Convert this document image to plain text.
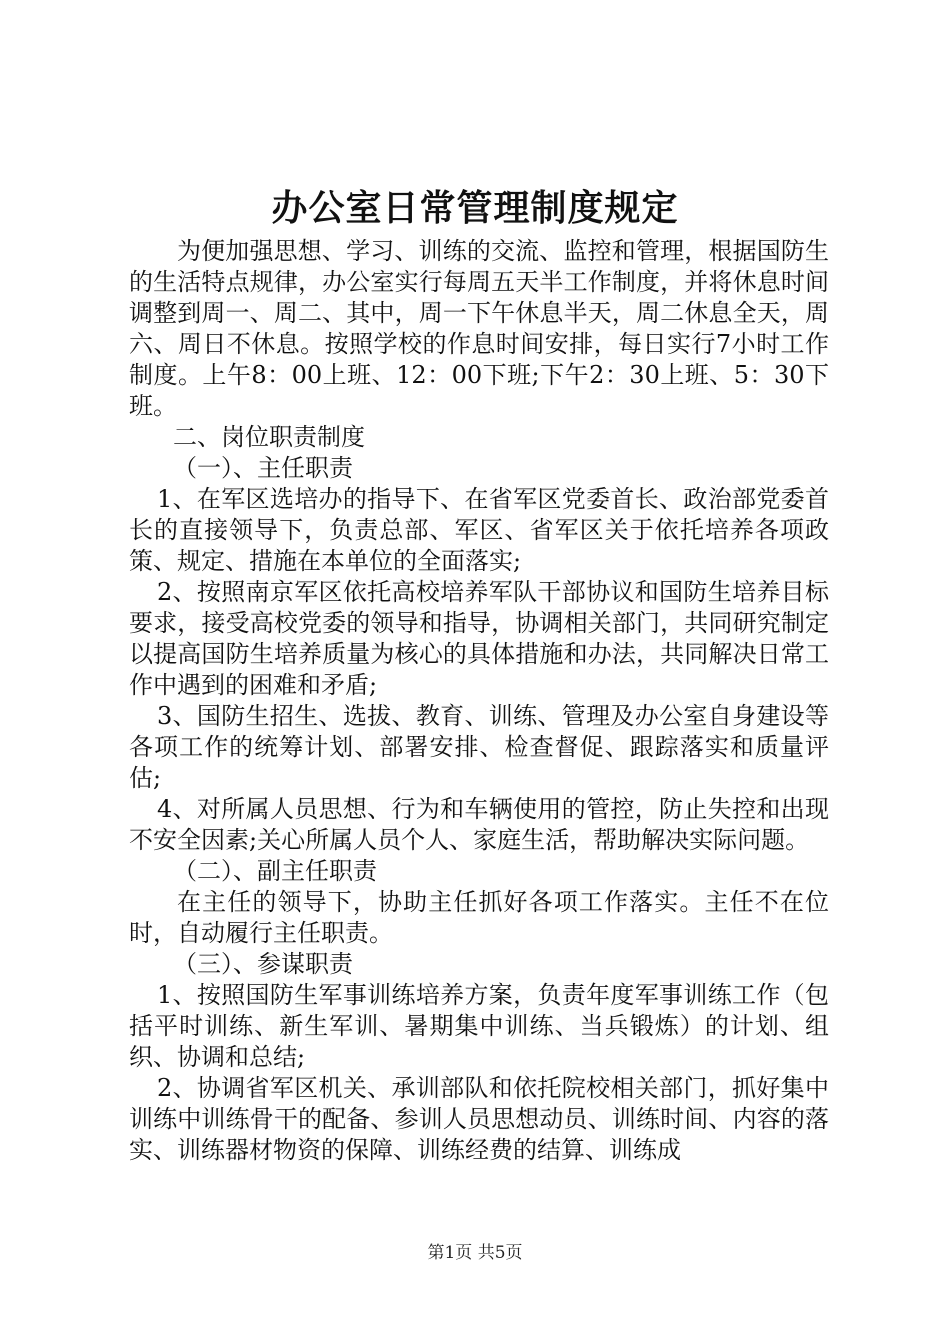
办公室日常管理制度规定

为便加强思想、学习、训练的交流、监控和管理，根据国防生的生活特点规律，办公室实行每周五天半工作制度，并将休息时间调整到周一、周二、其中，周一下午休息半天，周二休息全天，周六、周日不休息。按照学校的作息时间安排，每日实行7小时工作制度。上午8：00上班、12：00下班;下午2：30上班、5：30下班。

二、岗位职责制度

（一）、主任职责

1、在军区选培办的指导下、在省军区党委首长、政治部党委首长的直接领导下，负责总部、军区、省军区关于依托培养各项政策、规定、措施在本单位的全面落实;

2、按照南京军区依托高校培养军队干部协议和国防生培养目标要求，接受高校党委的领导和指导，协调相关部门，共同研究制定以提高国防生培养质量为核心的具体措施和办法，共同解决日常工作中遇到的困难和矛盾;

3、国防生招生、选拔、教育、训练、管理及办公室自身建设等各项工作的统筹计划、部署安排、检查督促、跟踪落实和质量评估;

4、对所属人员思想、行为和车辆使用的管控，防止失控和出现不安全因素;关心所属人员个人、家庭生活，帮助解决实际问题。

（二）、副主任职责

在主任的领导下，协助主任抓好各项工作落实。主任不在位时，自动履行主任职责。

（三）、参谋职责

1、按照国防生军事训练培养方案，负责年度军事训练工作（包括平时训练、新生军训、暑期集中训练、当兵锻炼）的计划、组织、协调和总结;

2、协调省军区机关、承训部队和依托院校相关部门，抓好集中训练中训练骨干的配备、参训人员思想动员、训练时间、内容的落实、训练器材物资的保障、训练经费的结算、训练成

第1页 共5页
